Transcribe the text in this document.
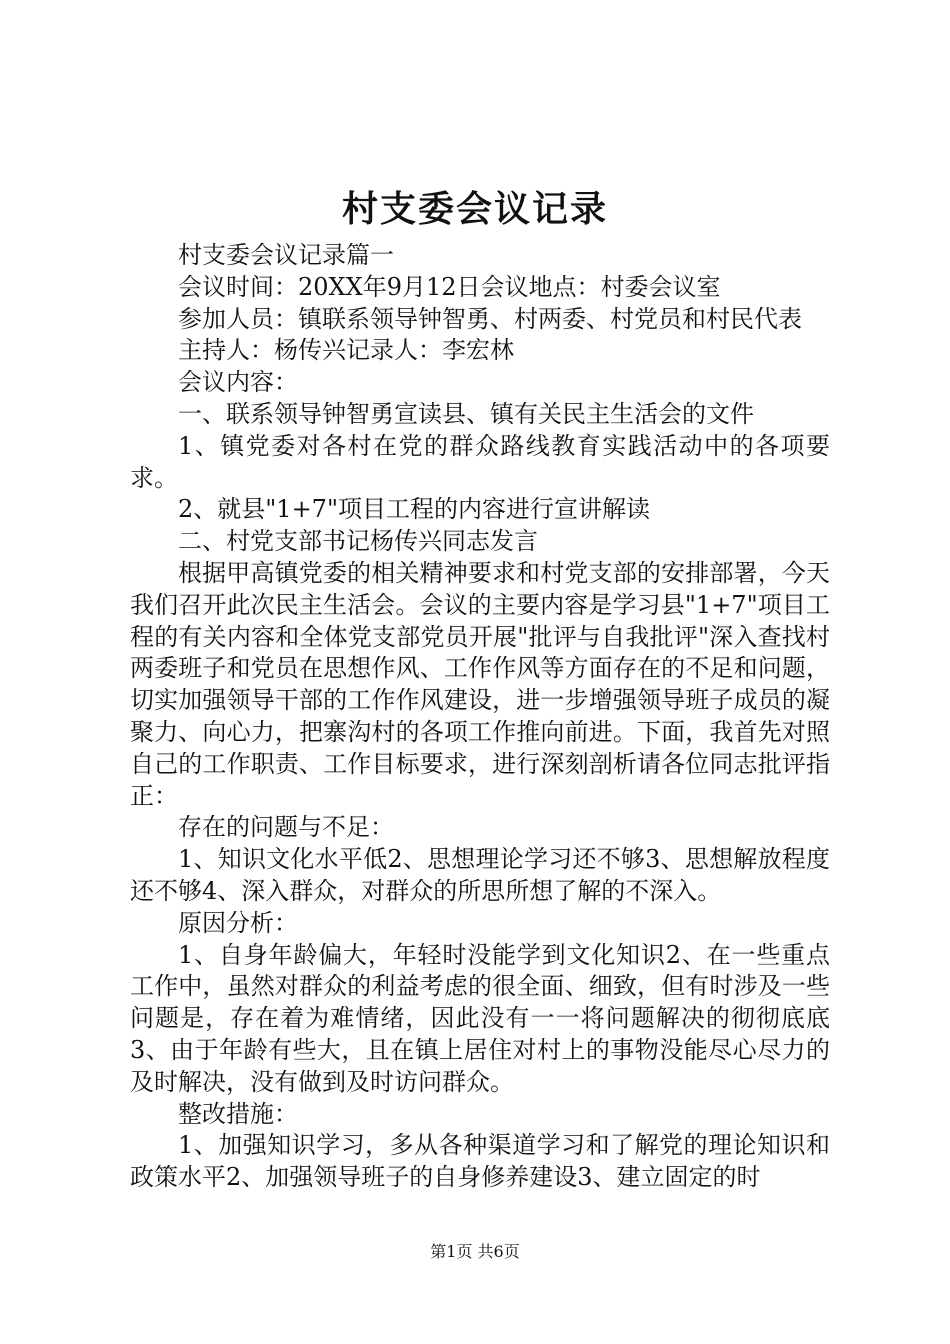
村支委会议记录

村支委会议记录篇一

会议时间：20XX年9月12日会议地点：村委会议室

参加人员：镇联系领导钟智勇、村两委、村党员和村民代表

主持人：杨传兴记录人：李宏林

会议内容：

一、联系领导钟智勇宣读县、镇有关民主生活会的文件

1、镇党委对各村在党的群众路线教育实践活动中的各项要求。

2、就县"1+7"项目工程的内容进行宣讲解读

二、村党支部书记杨传兴同志发言

根据甲高镇党委的相关精神要求和村党支部的安排部署，今天我们召开此次民主生活会。会议的主要内容是学习县"1+7"项目工程的有关内容和全体党支部党员开展"批评与自我批评"深入查找村两委班子和党员在思想作风、工作作风等方面存在的不足和问题，切实加强领导干部的工作作风建设，进一步增强领导班子成员的凝聚力、向心力，把寨沟村的各项工作推向前进。下面，我首先对照自己的工作职责、工作目标要求，进行深刻剖析请各位同志批评指正：

存在的问题与不足：

1、知识文化水平低2、思想理论学习还不够3、思想解放程度还不够4、深入群众，对群众的所思所想了解的不深入。

原因分析：

1、自身年龄偏大，年轻时没能学到文化知识2、在一些重点工作中，虽然对群众的利益考虑的很全面、细致，但有时涉及一些问题是，存在着为难情绪，因此没有一一将问题解决的彻彻底底3、由于年龄有些大，且在镇上居住对村上的事物没能尽心尽力的及时解决，没有做到及时访问群众。

整改措施：

1、加强知识学习，多从各种渠道学习和了解党的理论知识和政策水平2、加强领导班子的自身修养建设3、建立固定的时

第1页 共6页
